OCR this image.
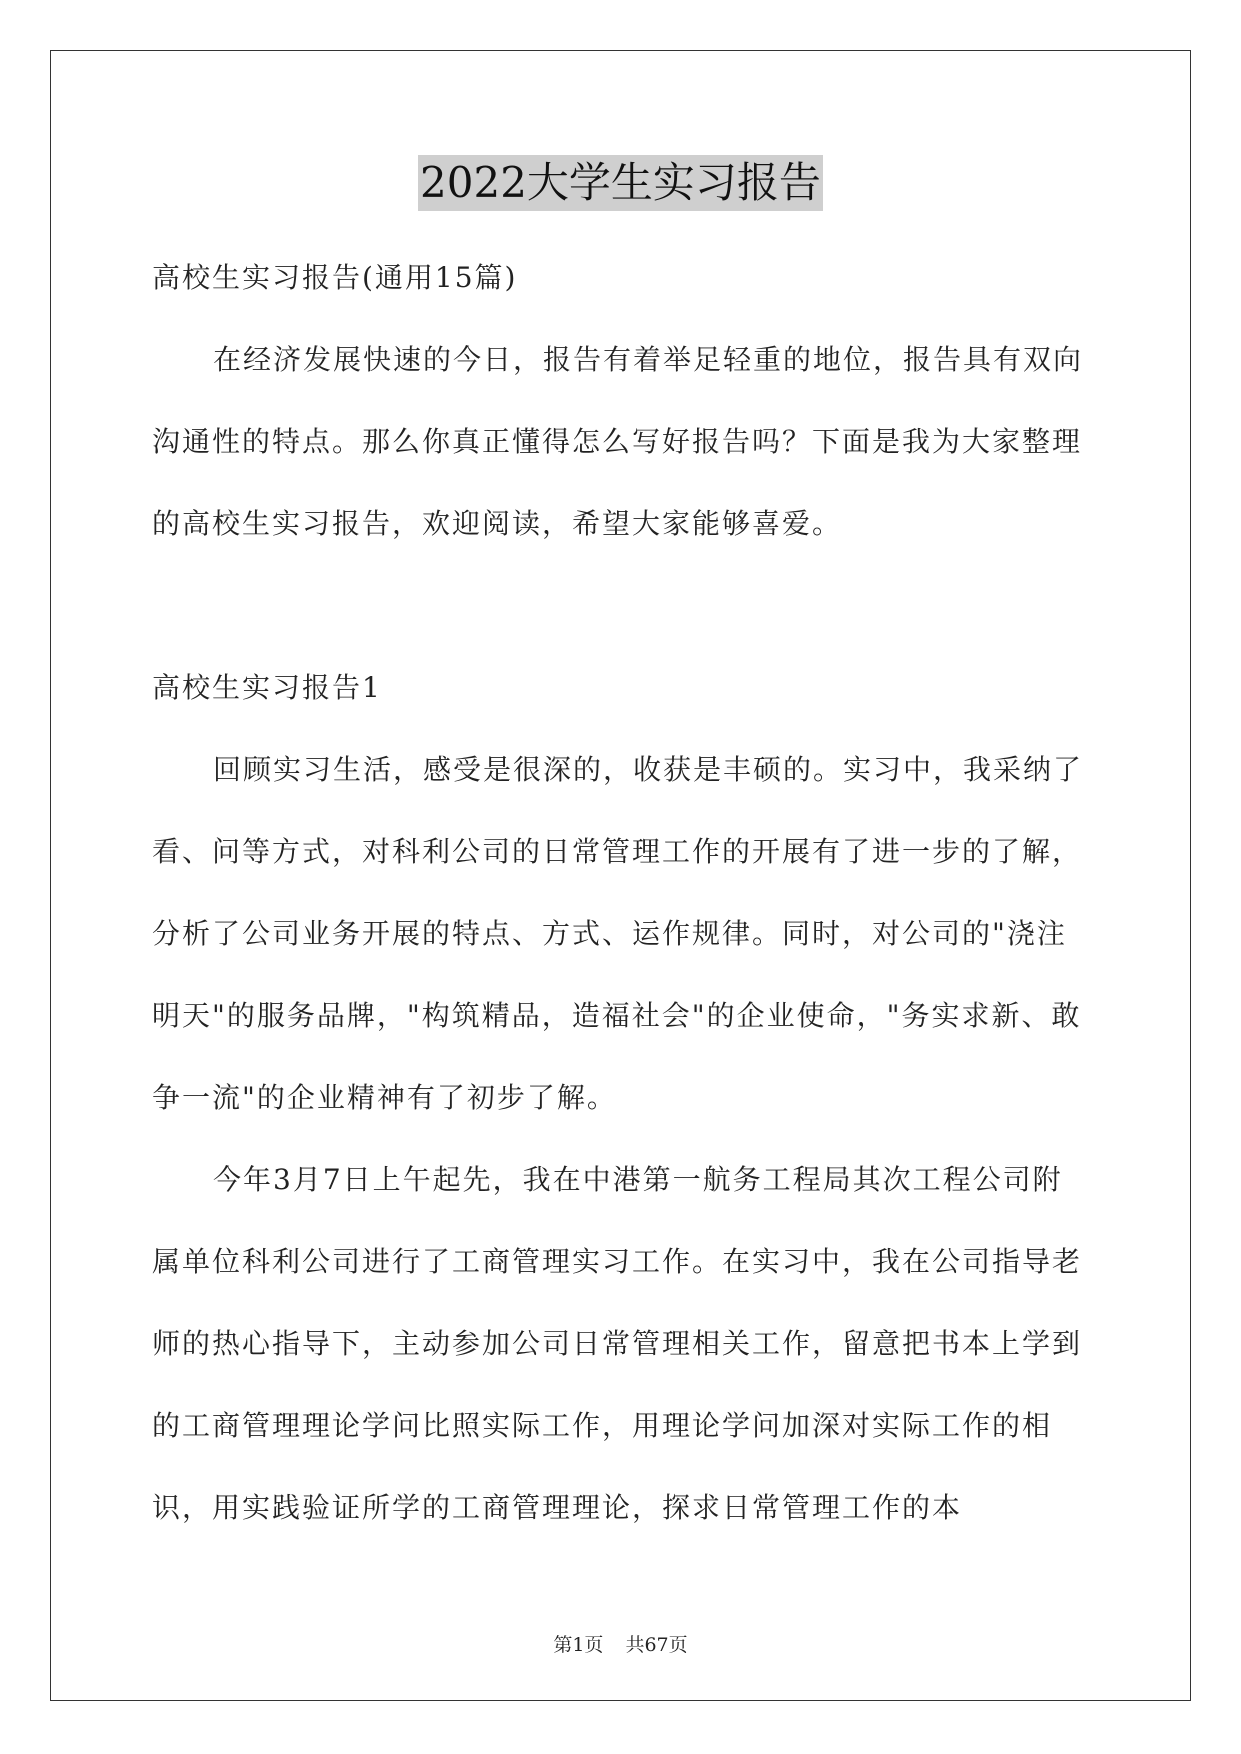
2022大学生实习报告

高校生实习报告(通用15篇)

在经济发展快速的今日，报告有着举足轻重的地位，报告具有双向沟通性的特点。那么你真正懂得怎么写好报告吗？下面是我为大家整理的高校生实习报告，欢迎阅读，希望大家能够喜爱。

高校生实习报告1

回顾实习生活，感受是很深的，收获是丰硕的。实习中，我采纳了看、问等方式，对科利公司的日常管理工作的开展有了进一步的了解，分析了公司业务开展的特点、方式、运作规律。同时，对公司的"浇注明天"的服务品牌，"构筑精品，造福社会"的企业使命，"务实求新、敢争一流"的企业精神有了初步了解。

今年3月7日上午起先，我在中港第一航务工程局其次工程公司附属单位科利公司进行了工商管理实习工作。在实习中，我在公司指导老师的热心指导下，主动参加公司日常管理相关工作，留意把书本上学到的工商管理理论学问比照实际工作，用理论学问加深对实际工作的相识，用实践验证所学的工商管理理论，探求日常管理工作的本

第1页 共67页
